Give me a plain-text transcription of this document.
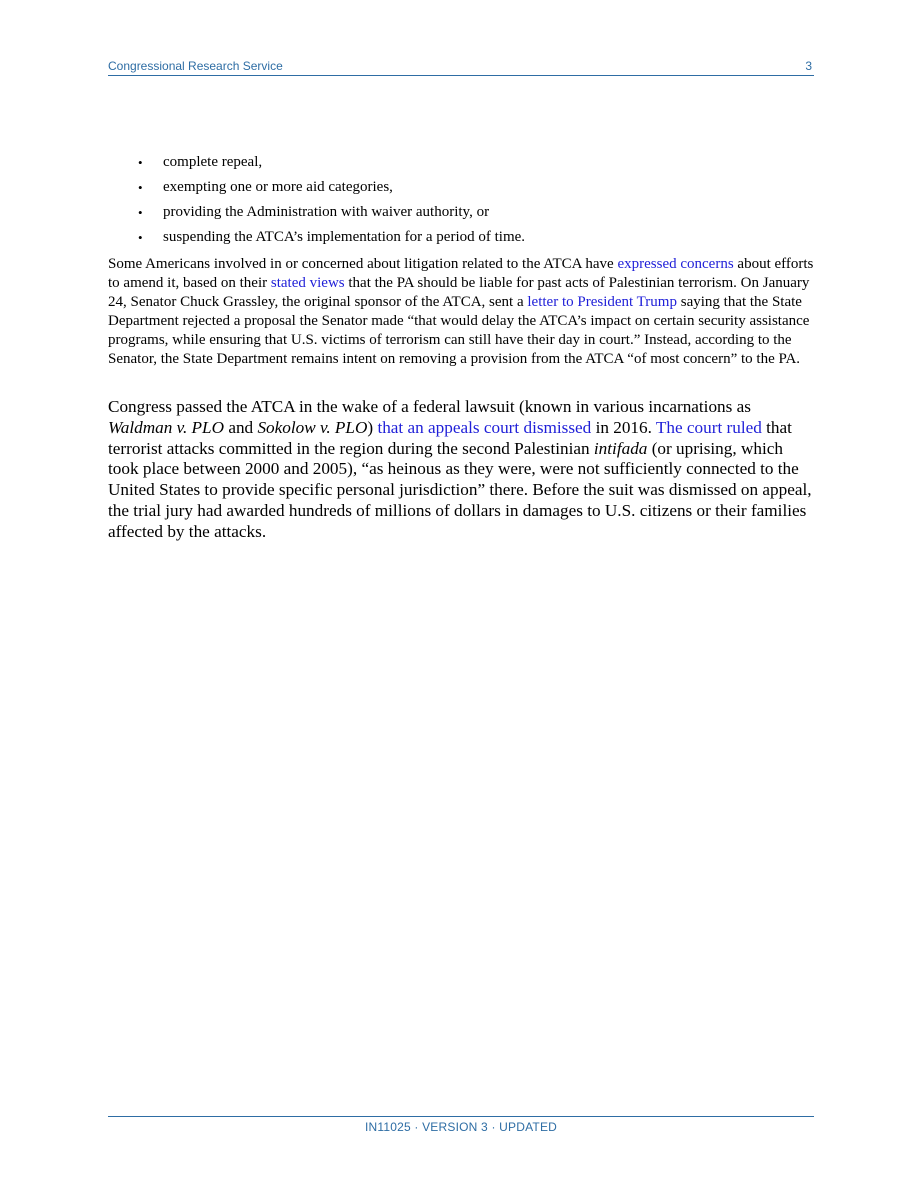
Congressional Research Service	3
• complete repeal,
• exempting one or more aid categories,
• providing the Administration with waiver authority, or
• suspending the ATCA’s implementation for a period of time.

Some Americans involved in or concerned about litigation related to the ATCA have expressed concerns about efforts to amend it, based on their stated views that the PA should be liable for past acts of Palestinian terrorism. On January 24, Senator Chuck Grassley, the original sponsor of the ATCA, sent a letter to President Trump saying that the State Department rejected a proposal the Senator made “that would delay the ATCA’s impact on certain security assistance programs, while ensuring that U.S. victims of terrorism can still have their day in court.” Instead, according to the Senator, the State Department remains intent on removing a provision from the ATCA “of most concern” to the PA.

Congress passed the ATCA in the wake of a federal lawsuit (known in various incarnations as Waldman v. PLO and Sokolow v. PLO) that an appeals court dismissed in 2016. The court ruled that terrorist attacks committed in the region during the second Palestinian intifada (or uprising, which took place between 2000 and 2005), “as heinous as they were, were not sufficiently connected to the United States to provide specific personal jurisdiction” there. Before the suit was dismissed on appeal, the trial jury had awarded hundreds of millions of dollars in damages to U.S. citizens or their families affected by the attacks.

IN11025 · VERSION 3 · UPDATED
